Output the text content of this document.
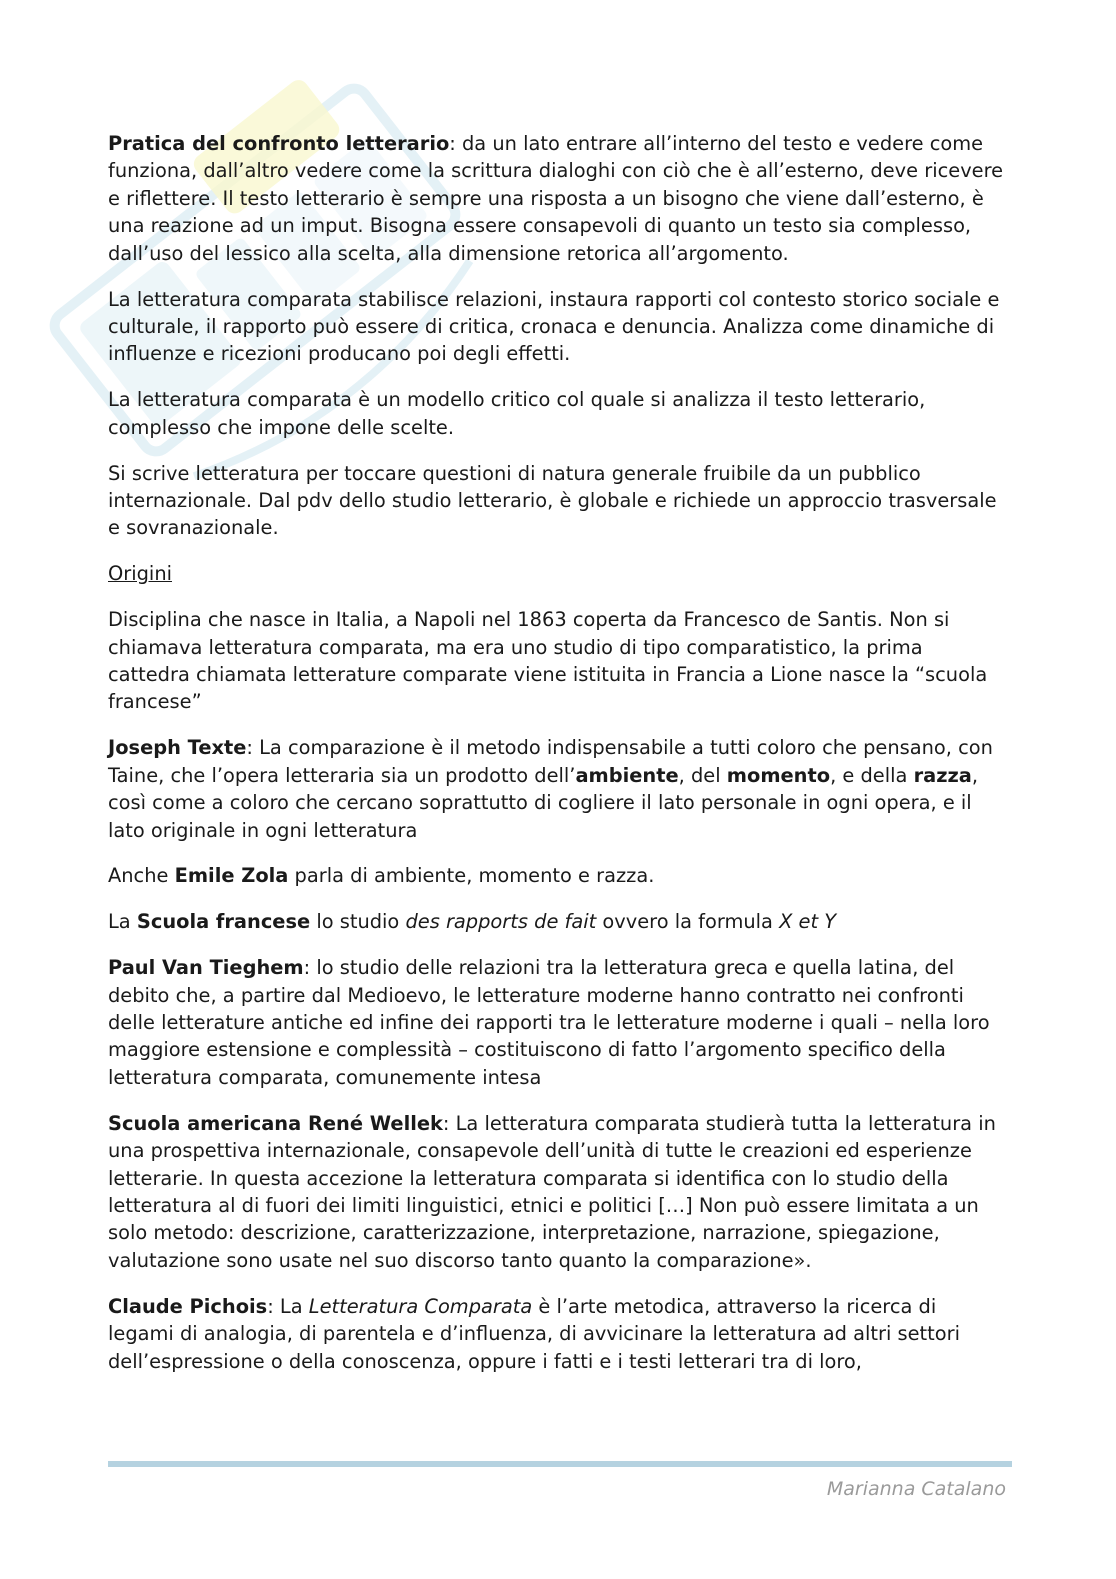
Pratica del confronto letterario: da un lato entrare all’interno del testo e vedere come funziona, dall’altro vedere come la scrittura dialoghi con ciò che è all’esterno, deve ricevere e riflettere. Il testo letterario è sempre una risposta a un bisogno che viene dall’esterno, è una reazione ad un imput. Bisogna essere consapevoli di quanto un testo sia complesso, dall’uso del lessico alla scelta, alla dimensione retorica all’argomento.

La letteratura comparata stabilisce relazioni, instaura rapporti col contesto storico sociale e culturale, il rapporto può essere di critica, cronaca e denuncia. Analizza come dinamiche di influenze e ricezioni producano poi degli effetti.

La letteratura comparata è un modello critico col quale si analizza il testo letterario, complesso che impone delle scelte.

Si scrive letteratura per toccare questioni di natura generale fruibile da un pubblico internazionale. Dal pdv dello studio letterario, è globale e richiede un approccio trasversale e sovranazionale.

Origini

Disciplina che nasce in Italia, a Napoli nel 1863 coperta da Francesco de Santis. Non si chiamava letteratura comparata, ma era uno studio di tipo comparatistico, la prima cattedra chiamata letterature comparate viene istituita in Francia a Lione nasce la “scuola francese”

Joseph Texte: La comparazione è il metodo indispensabile a tutti coloro che pensano, con Taine, che l’opera letteraria sia un prodotto dell’ambiente, del momento, e della razza, così come a coloro che cercano soprattutto di cogliere il lato personale in ogni opera, e il lato originale in ogni letteratura

Anche Emile Zola parla di ambiente, momento e razza.

La Scuola francese lo studio des rapports de fait ovvero la formula X et Y

Paul Van Tieghem: lo studio delle relazioni tra la letteratura greca e quella latina, del debito che, a partire dal Medioevo, le letterature moderne hanno contratto nei confronti delle letterature antiche ed infine dei rapporti tra le letterature moderne i quali – nella loro maggiore estensione e complessità – costituiscono di fatto l’argomento specifico della letteratura comparata, comunemente intesa

Scuola americana René Wellek: La letteratura comparata studierà tutta la letteratura in una prospettiva internazionale, consapevole dell’unità di tutte le creazioni ed esperienze letterarie. In questa accezione la letteratura comparata si identifica con lo studio della letteratura al di fuori dei limiti linguistici, etnici e politici […] Non può essere limitata a un solo metodo: descrizione, caratterizzazione, interpretazione, narrazione, spiegazione, valutazione sono usate nel suo discorso tanto quanto la comparazione».

Claude Pichois: La Letteratura Comparata è l’arte metodica, attraverso la ricerca di legami di analogia, di parentela e d’influenza, di avvicinare la letteratura ad altri settori dell’espressione o della conoscenza, oppure i fatti e i testi letterari tra di loro,

Marianna Catalano
